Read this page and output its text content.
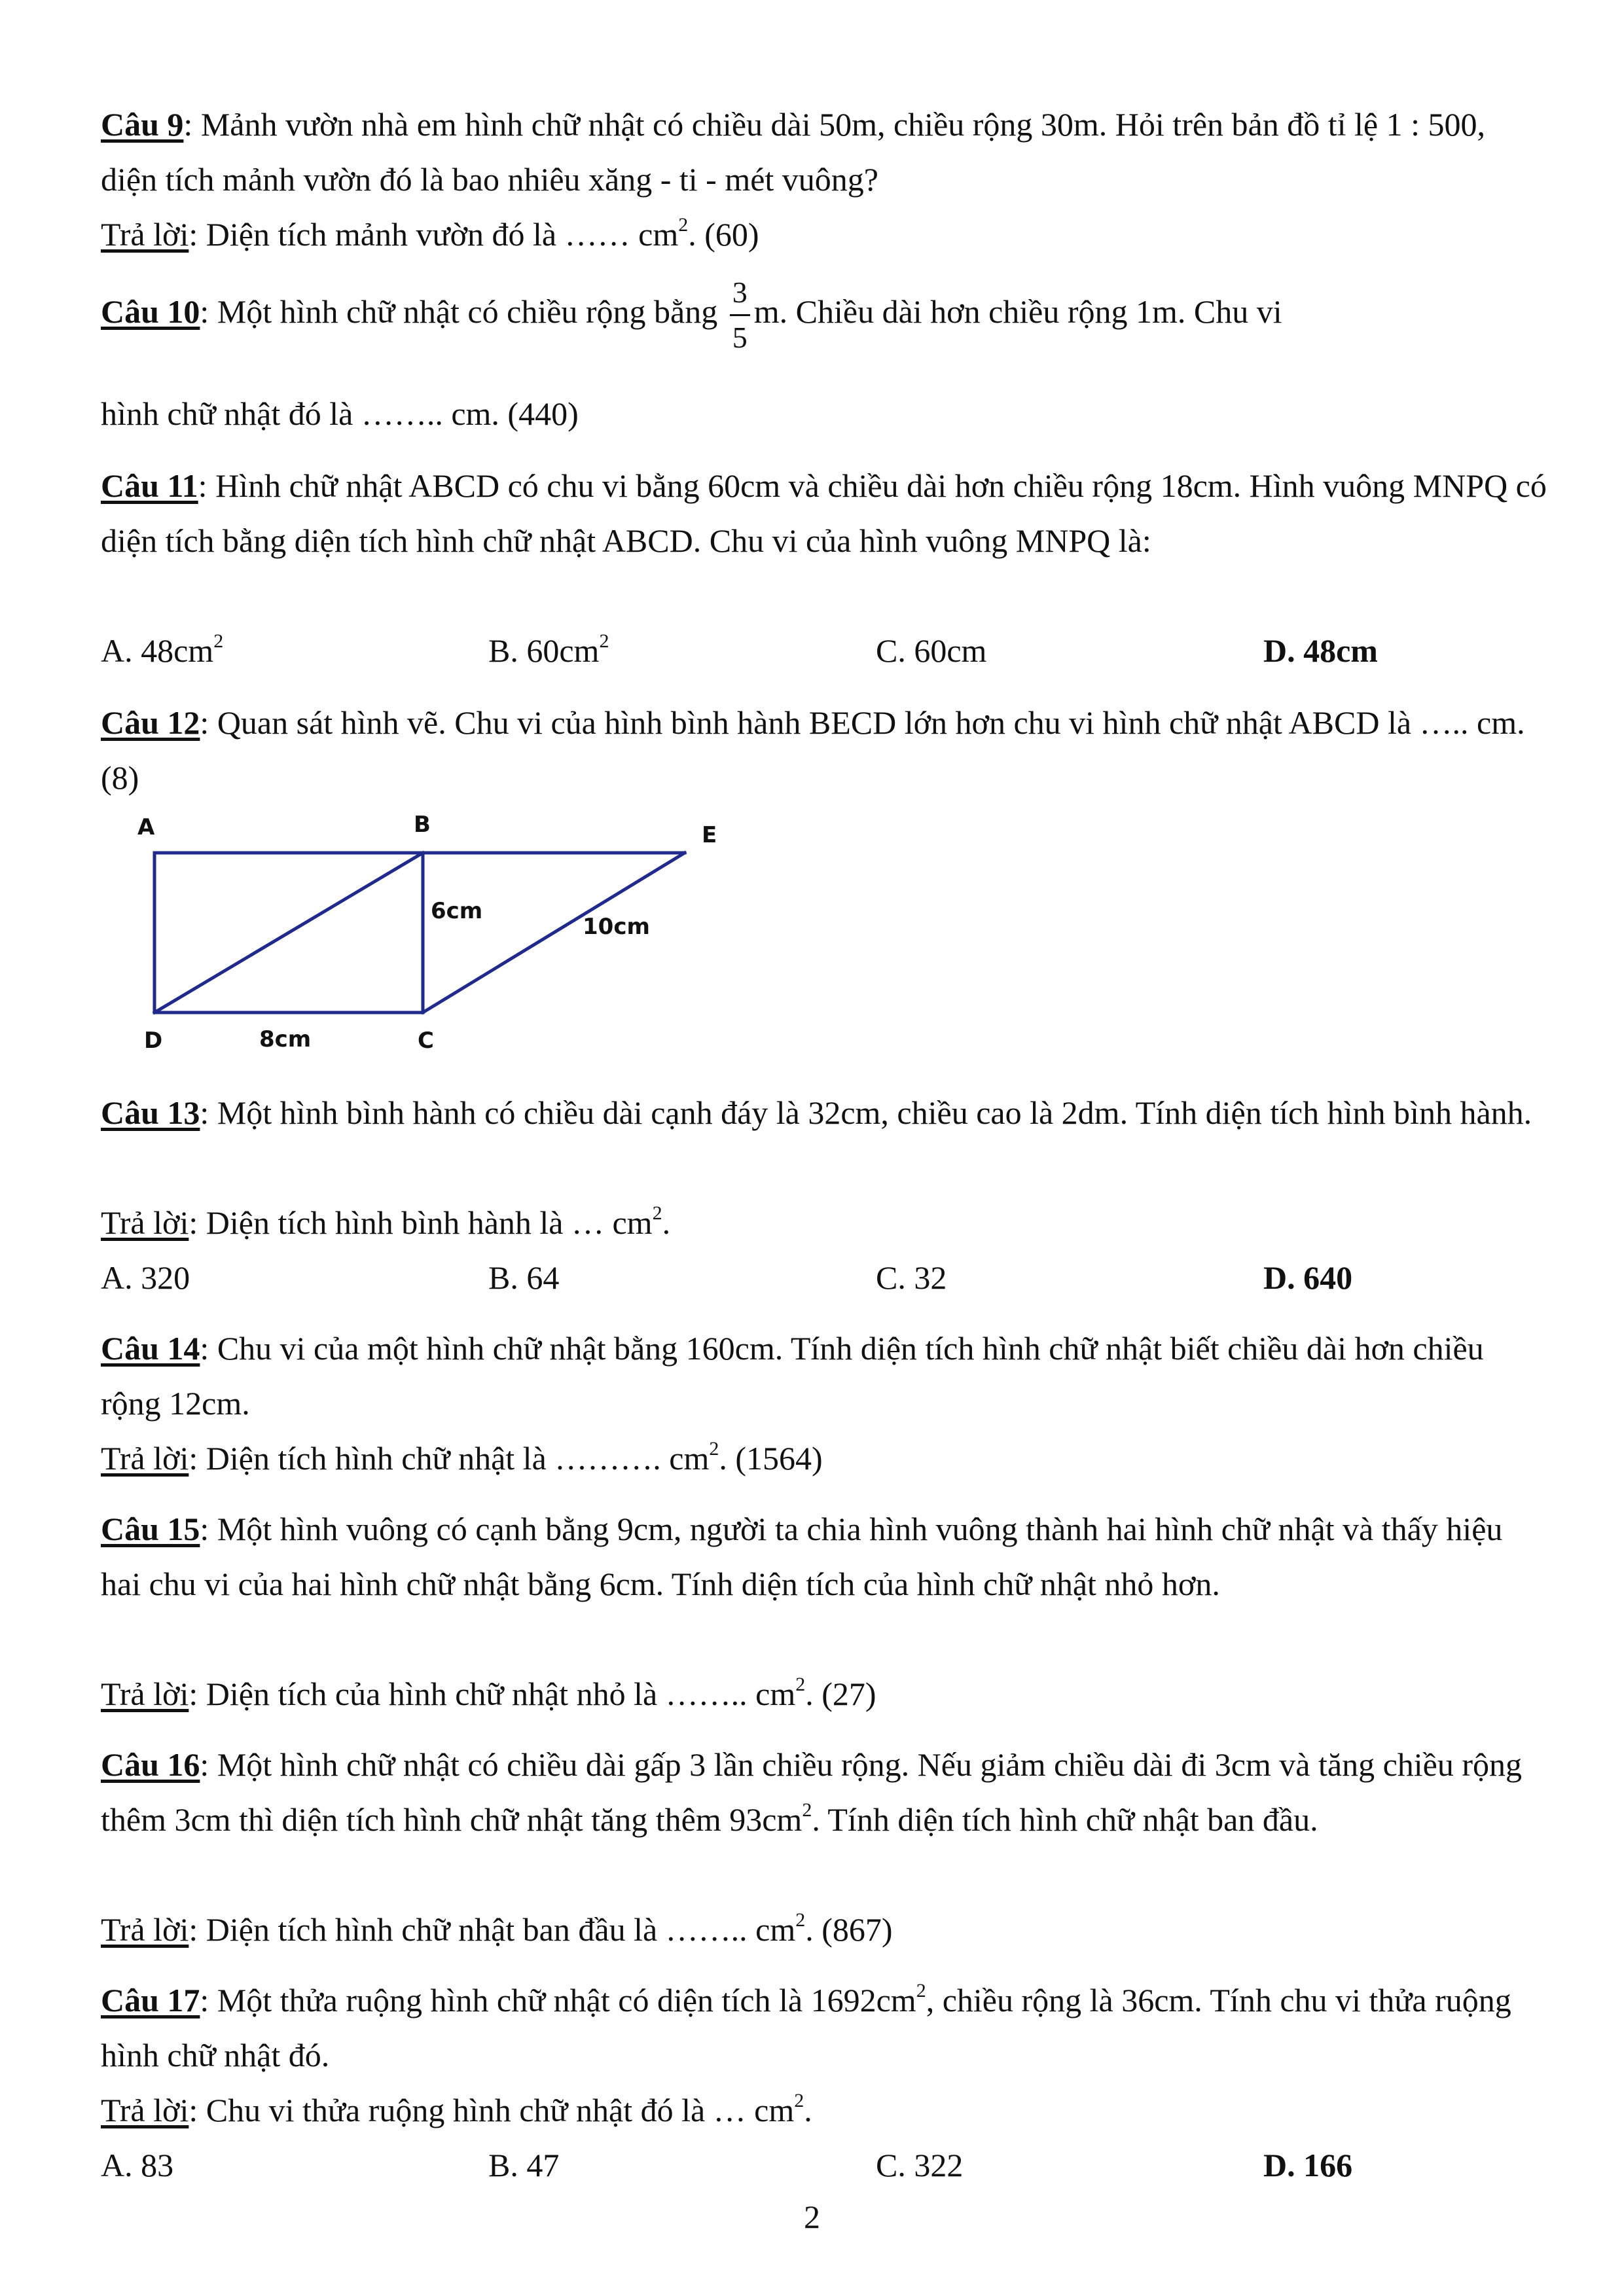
Câu 9: Mảnh vườn nhà em hình chữ nhật có chiều dài 50m, chiều rộng 30m. Hỏi trên bản đồ tỉ lệ 1 : 500, diện tích mảnh vườn đó là bao nhiêu xăng - ti - mét vuông?

Trả lời: Diện tích mảnh vườn đó là …… $cm^2$. (60)

Câu 10: Một hình chữ nhật có chiều rộng bằng $\frac{3}{5} m$. Chiều dài hơn chiều rộng 1m. Chu vi

hình chữ nhật đó là …….. cm. (440)

Câu 11: Hình chữ nhật ABCD có chu vi bằng 60cm và chiều dài hơn chiều rộng 18cm. Hình vuông MNPQ có diện tích bằng diện tích hình chữ nhật ABCD. Chu vi của hình vuông MNPQ là:

A. $48cm^2$	B. $60cm^2$	C. 60cm	D. 48cm

Câu 12: Quan sát hình vẽ. Chu vi của hình bình hành BECD lớn hơn chu vi hình chữ nhật ABCD là ….. cm. (8)

A	B	E
D	C
6cm
10cm
8cm

Câu 13: Một hình bình hành có chiều dài cạnh đáy là 32cm, chiều cao là 2dm. Tính diện tích hình bình hành.

Trả lời: Diện tích hình bình hành là … $cm^2$.

A. 320	B. 64	C. 32	D. 640

Câu 14: Chu vi của một hình chữ nhật bằng 160cm. Tính diện tích hình chữ nhật biết chiều dài hơn chiều rộng 12cm.

Trả lời: Diện tích hình chữ nhật là ………. $cm^2$. (1564)

Câu 15: Một hình vuông có cạnh bằng 9cm, người ta chia hình vuông thành hai hình chữ nhật và thấy hiệu hai chu vi của hai hình chữ nhật bằng 6cm. Tính diện tích của hình chữ nhật nhỏ hơn.

Trả lời: Diện tích của hình chữ nhật nhỏ là …….. $cm^2$. (27)

Câu 16: Một hình chữ nhật có chiều dài gấp 3 lần chiều rộng. Nếu giảm chiều dài đi 3cm và tăng chiều rộng thêm 3cm thì diện tích hình chữ nhật tăng thêm $93cm^2$. Tính diện tích hình chữ nhật ban đầu.

Trả lời: Diện tích hình chữ nhật ban đầu là …….. $cm^2$. (867)

Câu 17: Một thửa ruộng hình chữ nhật có diện tích là $1692cm^2$, chiều rộng là 36cm. Tính chu vi thửa ruộng hình chữ nhật đó.

Trả lời: Chu vi thửa ruộng hình chữ nhật đó là … $cm^2$.

A. 83	B. 47	C. 322	D. 166
2
